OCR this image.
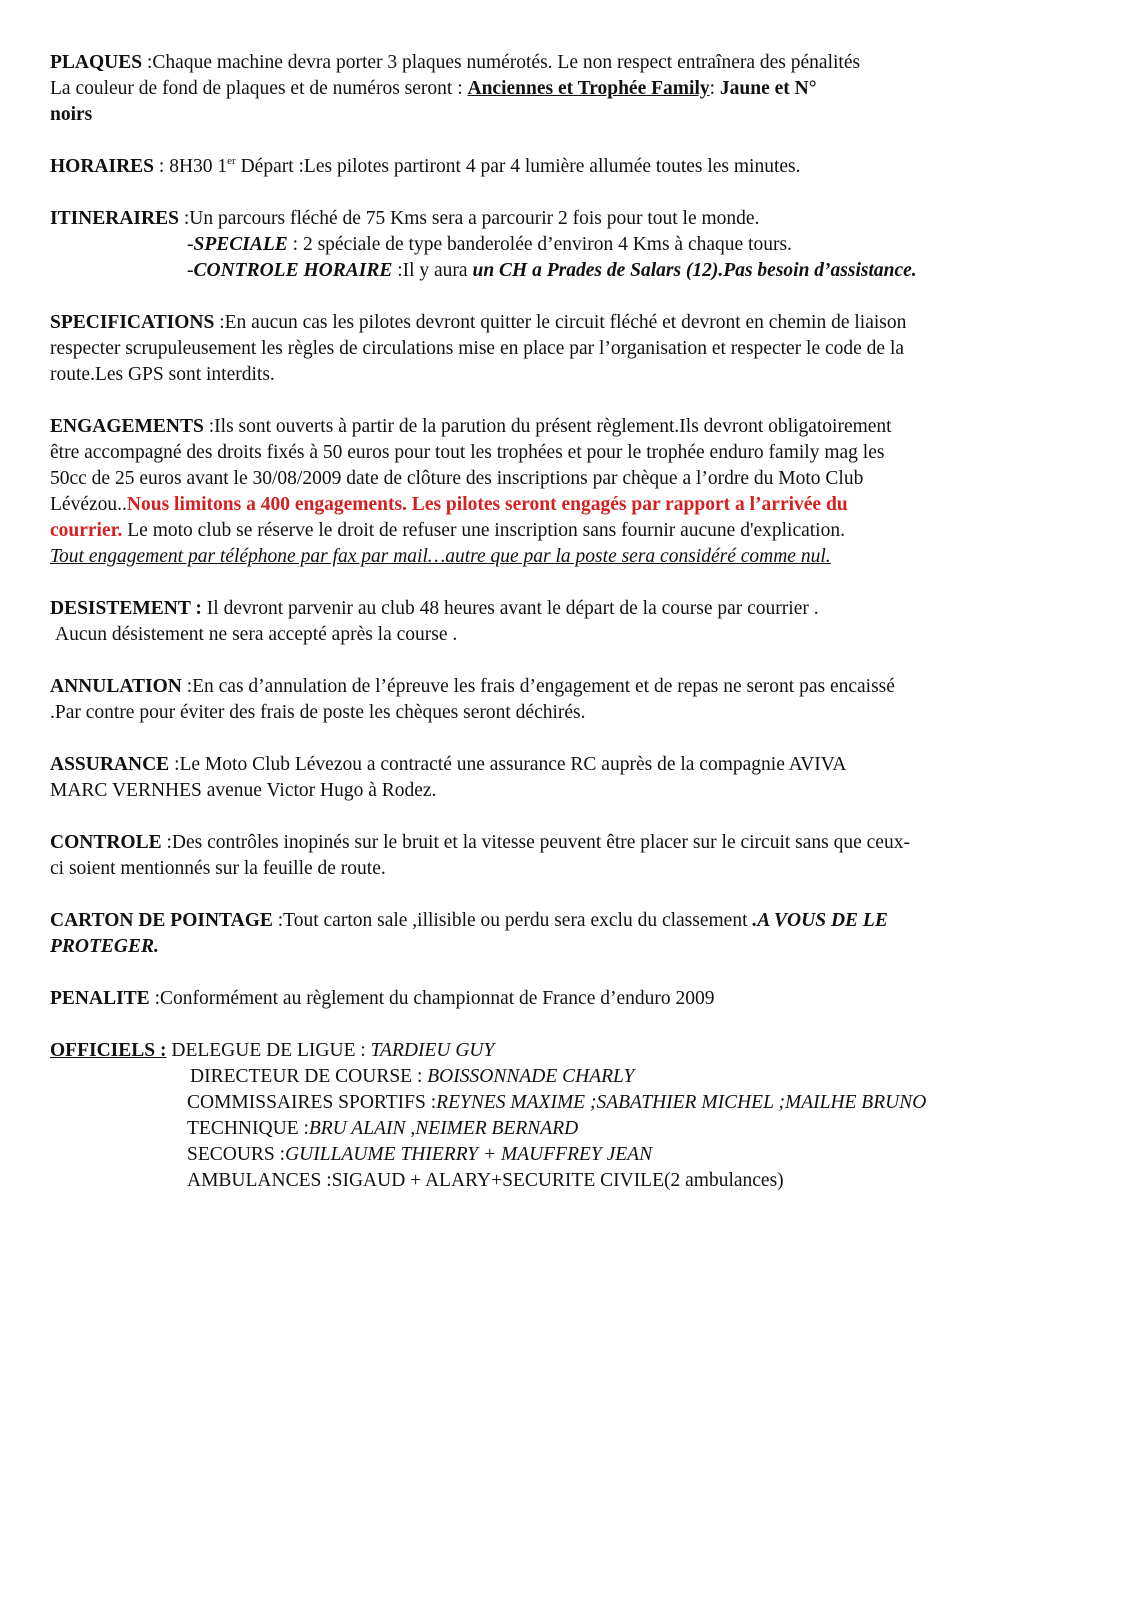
PLAQUES :Chaque machine devra porter 3 plaques numérotés. Le non respect entraînera des pénalités

La couleur de fond de plaques et de numéros seront : Anciennes et Trophée Family: Jaune et N°

noirs

HORAIRES : 8H30 1er Départ :Les pilotes partiront 4 par 4 lumière allumée toutes les minutes.

ITINERAIRES :Un parcours fléché de 75 Kms sera a parcourir 2 fois pour tout le monde.

-SPECIALE : 2 spéciale de type banderolée d’environ 4 Kms à chaque tours.

-CONTROLE HORAIRE :Il y aura un CH a Prades de Salars (12).Pas besoin d’assistance.

SPECIFICATIONS :En aucun cas les pilotes devront quitter le circuit fléché et devront en chemin de liaison

respecter scrupuleusement les règles de circulations mise en place par l’organisation et respecter le code de la

route.Les GPS sont interdits.

ENGAGEMENTS :Ils sont ouverts à partir de la parution du présent règlement.Ils devront obligatoirement

être accompagné des droits fixés à 50 euros pour tout les trophées et pour le trophée enduro family mag les

50cc de 25 euros avant le 30/08/2009 date de clôture des inscriptions par chèque a l’ordre du Moto Club

Lévézou..Nous limitons a 400 engagements. Les pilotes seront engagés par rapport a l’arrivée du

courrier. Le moto club se réserve le droit de refuser une inscription sans fournir aucune d'explication.

Tout engagement par téléphone par fax par mail…autre que par la poste sera considéré comme nul.

DESISTEMENT : Il devront parvenir au club 48 heures avant le départ de la course par courrier .

Aucun désistement ne sera accepté après la course .

ANNULATION :En cas d’annulation de l’épreuve les frais d’engagement et de repas ne seront pas encaissé

.Par contre pour éviter des frais de poste les chèques seront déchirés.

ASSURANCE :Le Moto Club Lévezou a contracté une assurance RC auprès de la compagnie AVIVA

MARC VERNHES avenue Victor Hugo à Rodez.

CONTROLE :Des contrôles inopinés sur le bruit et la vitesse peuvent être placer sur le circuit sans que ceux-

ci soient mentionnés sur la feuille de route.

CARTON DE POINTAGE :Tout carton sale ,illisible ou perdu sera exclu du classement .A VOUS DE LE

PROTEGER.

PENALITE :Conformément au règlement du championnat de France d’enduro 2009

OFFICIELS : DELEGUE DE LIGUE : TARDIEU GUY

DIRECTEUR DE COURSE : BOISSONNADE CHARLY

COMMISSAIRES SPORTIFS :REYNES MAXIME ;SABATHIER MICHEL ;MAILHE BRUNO

TECHNIQUE :BRU ALAIN ,NEIMER BERNARD

SECOURS :GUILLAUME THIERRY + MAUFFREY JEAN

AMBULANCES :SIGAUD + ALARY+SECURITE CIVILE(2 ambulances)
